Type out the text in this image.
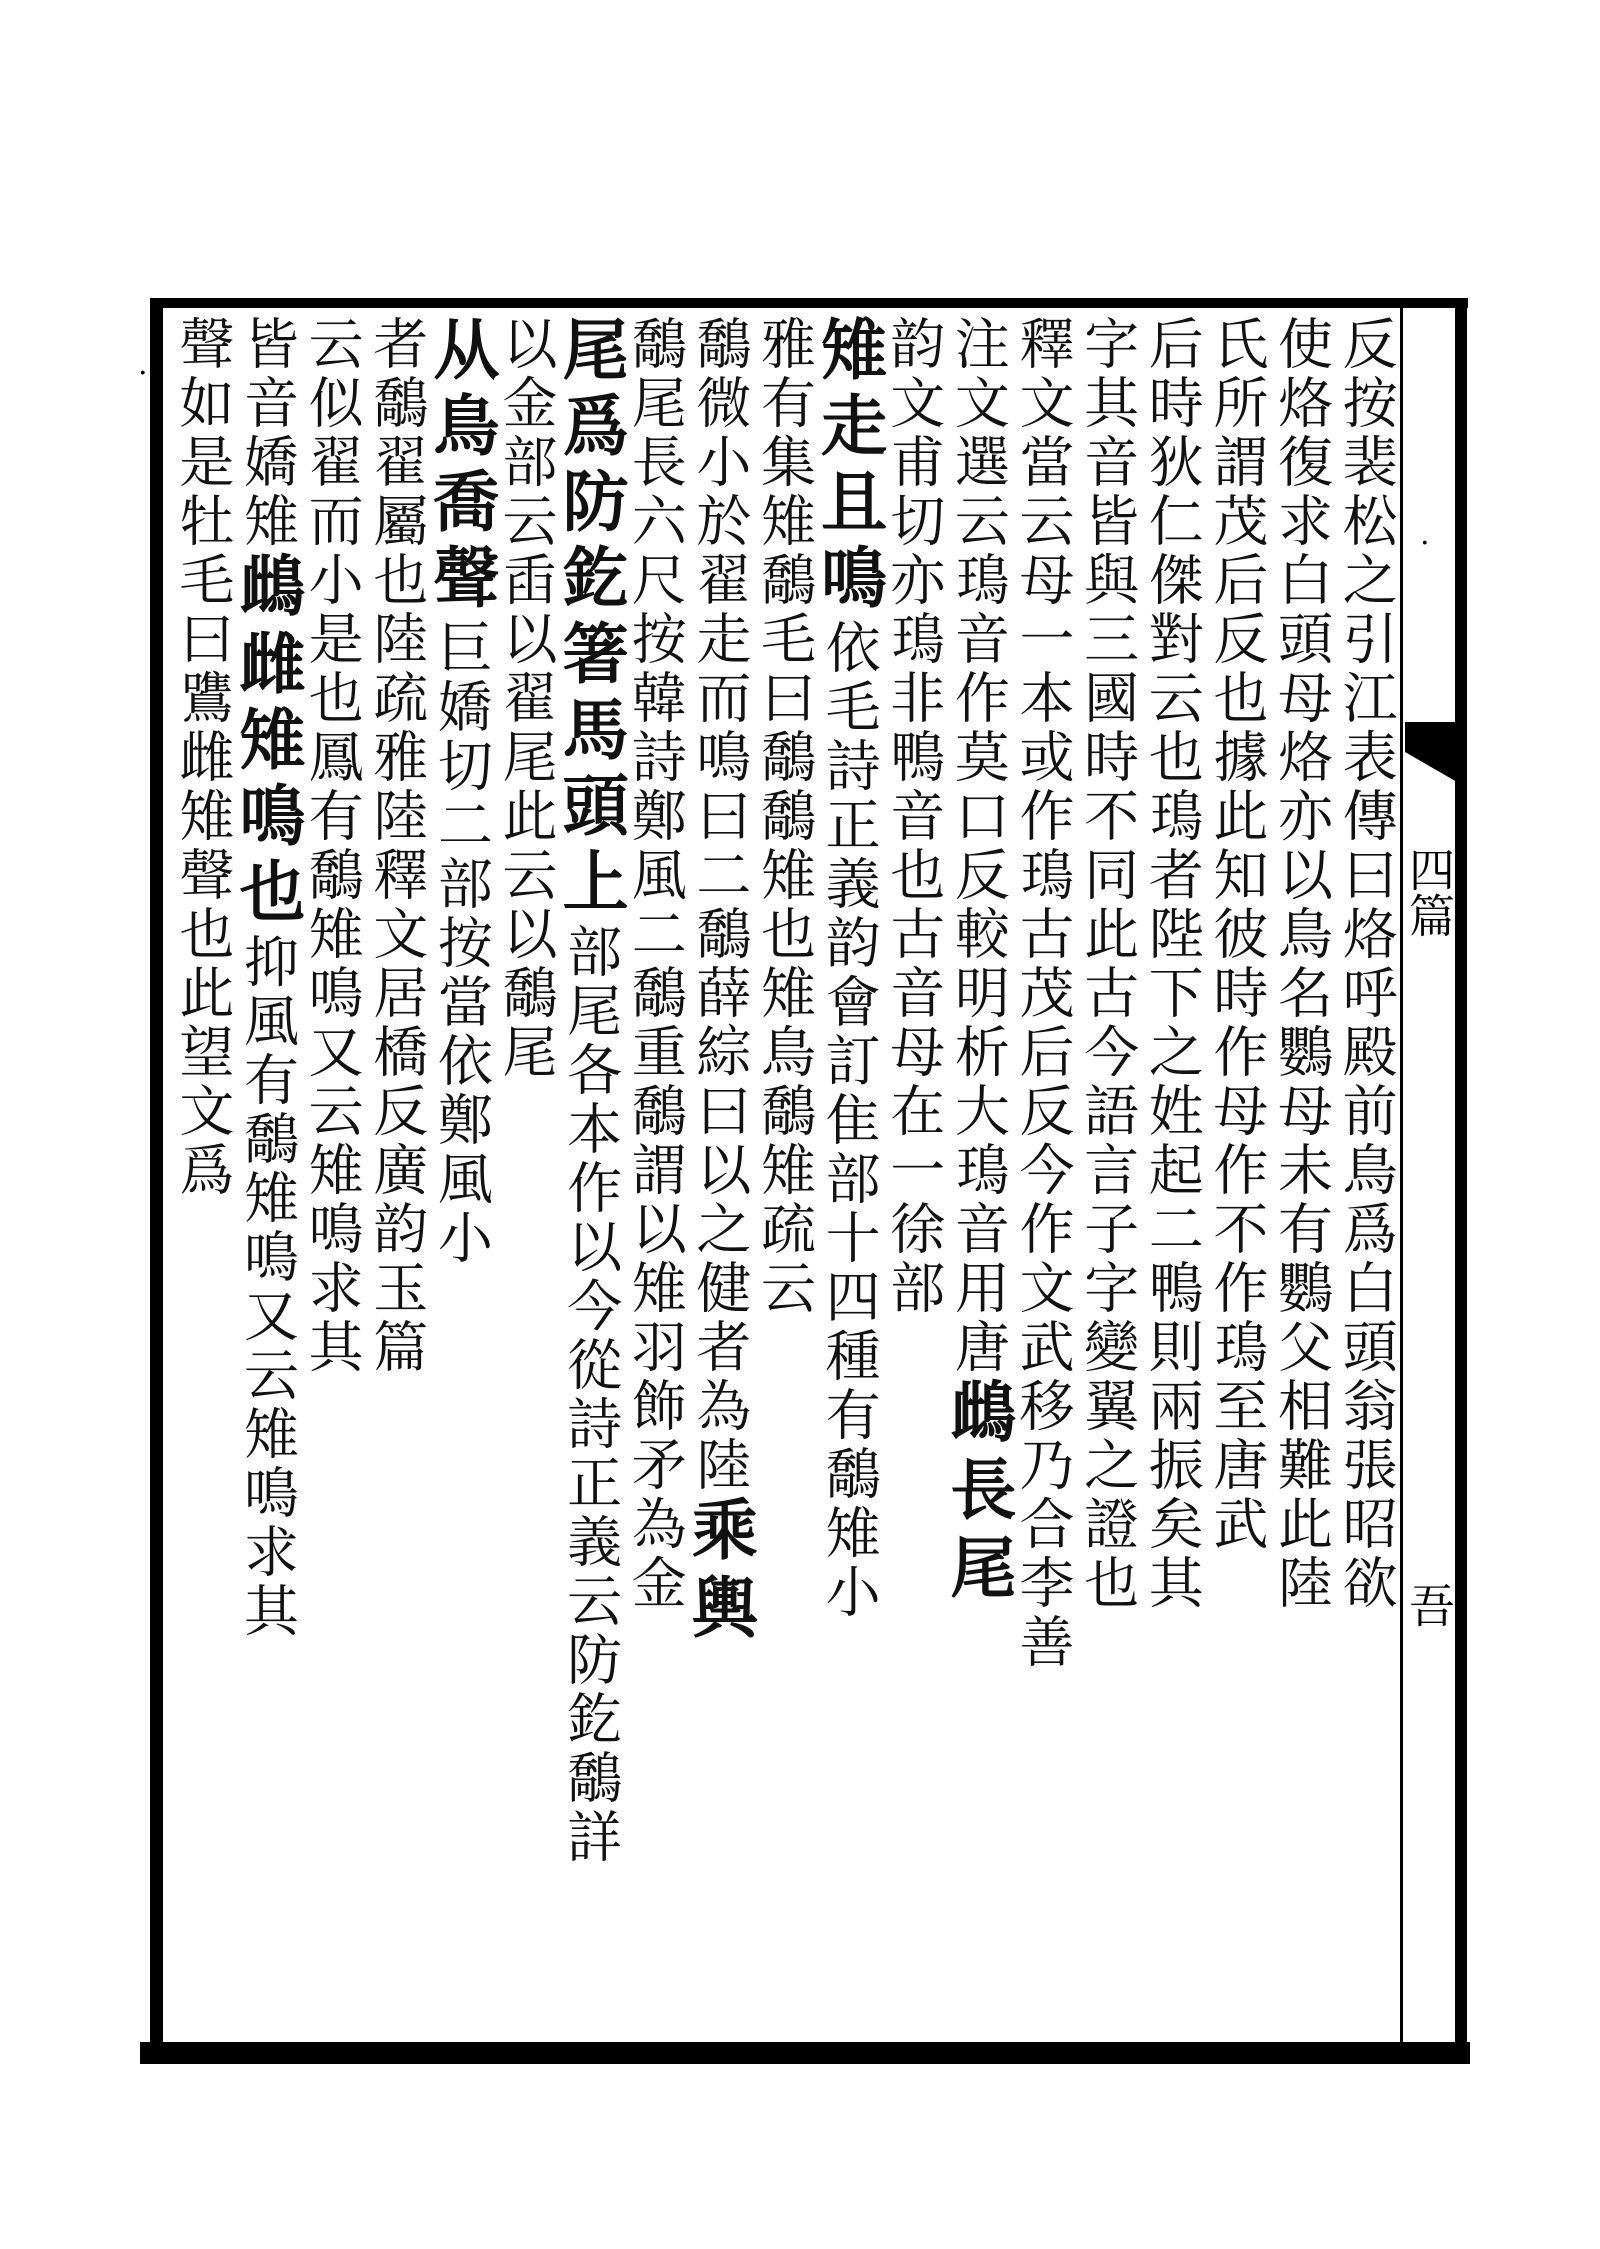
四篇
吾
.
.
反按裴松之引江表傳曰烙呼殿前鳥爲白頭翁張昭欲
使烙復求白頭母烙亦以鳥名鸚母未有鸚父相難此陸
氏所謂茂后反也據此知彼時作母作不作鳿至唐武
后時狄仁傑對云也鳿者陛下之姓起二鴨則兩振矣其
字其音皆與三國時不同此古今語言子字變翼之證也
釋文當云母一本或作鳿古茂后反今作文武移乃合李善
注文選云鳿音作莫口反較明析大鳿音用唐
䳄長尾
韵文甫切亦鳿非鴨音也古音母在一徐部
雉走且鳴
依毛詩正義韵會訂隹部十四種有鷮雉小
雅有集雉鷮毛曰鷮鷮雉也雉鳥鷮雉疏云
鷮微小於翟走而鳴曰二鷮薛綜曰以之健者為陸
乘輿
鷮尾長六尺按韓詩鄭風二鷮重鷮謂以雉羽飾矛為金
尾爲防釳箸馬頭上
部尾各本作以今從詩正義云防釳鷮詳
以金部云臿以翟尾此云以鷮尾
从鳥喬聲
巨嬌切二部按當依鄭風小
者鷮翟屬也陸疏雅陸釋文居橋反廣韵玉篇
云似翟而小是也
鳳有鷮雉鳴又云雉鳴求其
皆音嬌
雉
䳄
雌雉鳴也
抑
風有鷮雉鳴又云雉鳴求其
聲如是
牡毛曰鷕雌雉聲也此望文爲
